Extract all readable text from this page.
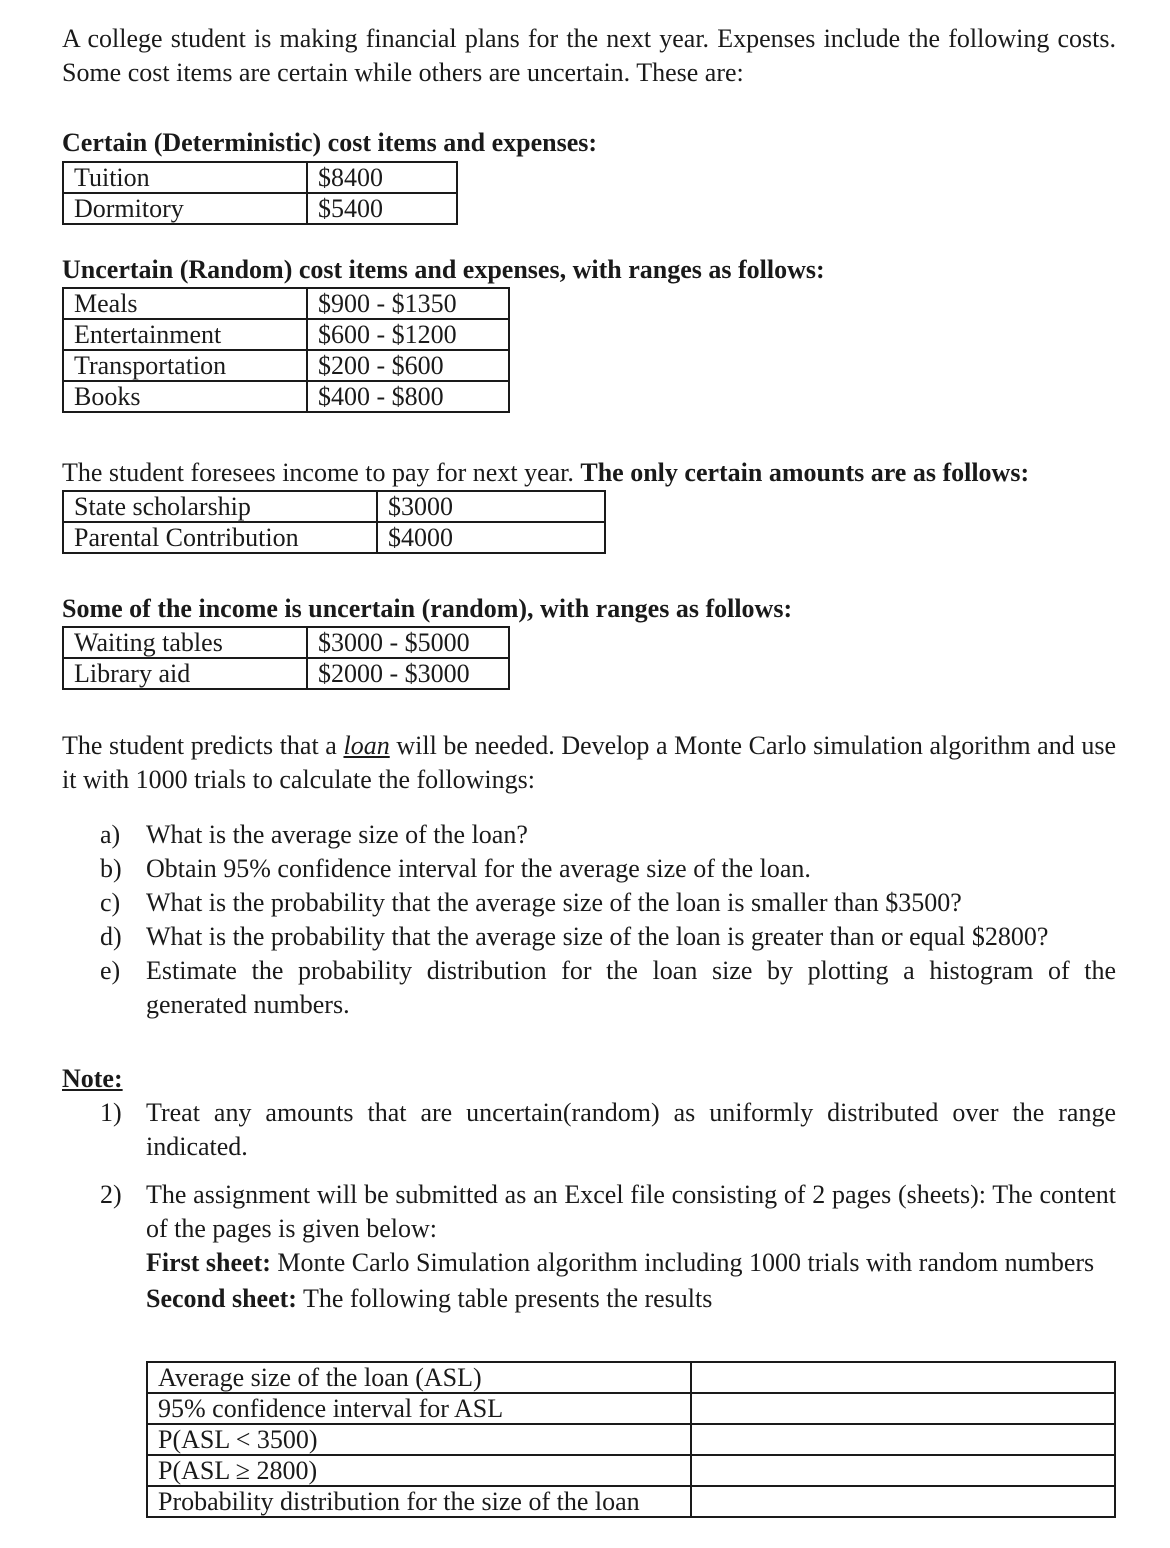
A college student is making financial plans for the next year. Expenses include the following costs. Some cost items are certain while others are uncertain. These are:
Certain (Deterministic) cost items and expenses:
Tuition	$8400
Dormitory	$5400
Uncertain (Random) cost items and expenses, with ranges as follows:
Meals	$900 - $1350
Entertainment	$600 - $1200
Transportation	$200 - $600
Books	$400 - $800
The student foresees income to pay for next year. The only certain amounts are as follows:
State scholarship	$3000
Parental Contribution	$4000
Some of the income is uncertain (random), with ranges as follows:
Waiting tables	$3000 - $5000
Library aid	$2000 - $3000
The student predicts that a loan will be needed. Develop a Monte Carlo simulation algorithm and use it with 1000 trials to calculate the followings:
a) What is the average size of the loan?
b) Obtain 95% confidence interval for the average size of the loan.
c) What is the probability that the average size of the loan is smaller than $3500?
d) What is the probability that the average size of the loan is greater than or equal $2800?
e) Estimate the probability distribution for the loan size by plotting a histogram of the generated numbers.
Note:
1) Treat any amounts that are uncertain(random) as uniformly distributed over the range indicated.
2) The assignment will be submitted as an Excel file consisting of 2 pages (sheets): The content of the pages is given below:
First sheet: Monte Carlo Simulation algorithm including 1000 trials with random numbers
Second sheet: The following table presents the results
Average size of the loan (ASL)	
95% confidence interval for ASL	
P(ASL < 3500)	
P(ASL ≥ 2800)	
Probability distribution for the size of the loan	
